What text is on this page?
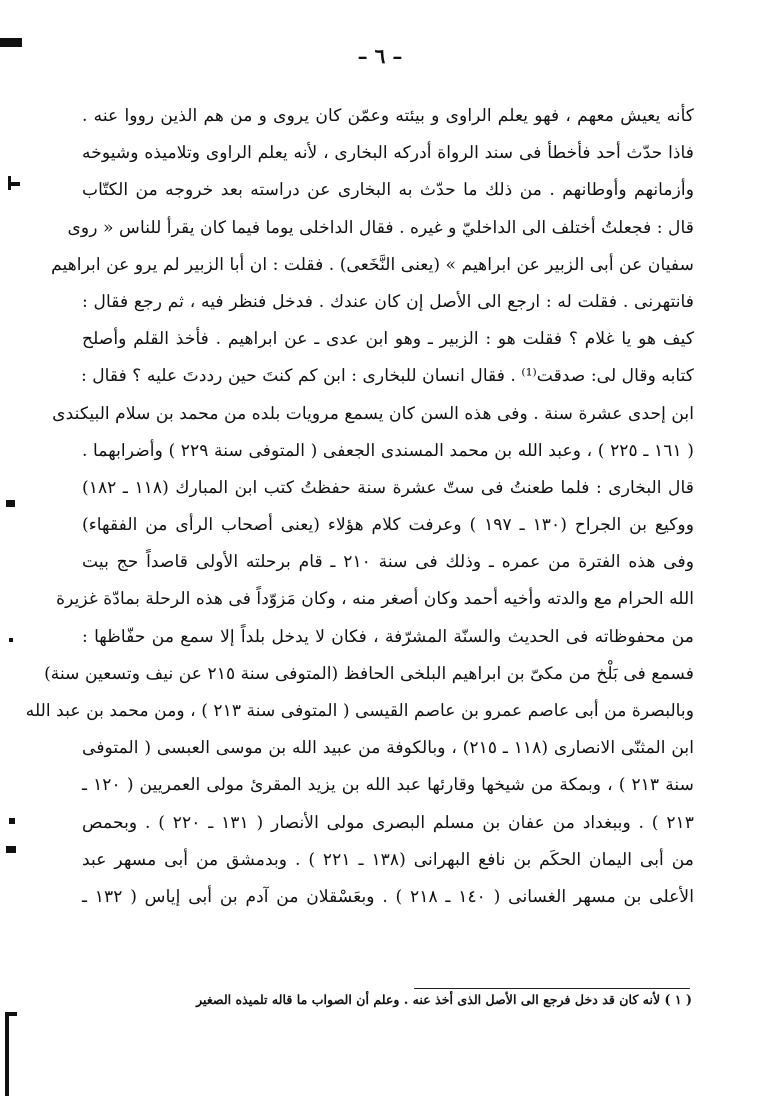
– ٦ –
كأنه يعيش معهم ، فهو يعلم الراوى و بيئته وعمّن كان يروى و من هم الذين رووا عنه .
فاذا حدّث أحد فأخطأ فى سند الرواة أدركه البخارى ، لأنه يعلم الراوى وتلاميذه وشيوخه
وأزمانهم وأوطانهم . من ذلك ما حدّث به البخارى عن دراسته بعد خروجه من الكتّاب
قال : فجعلتُ أختلف الى الداخليّ و غيره . فقال الداخلى يوما فيما كان يقرأ للناس « روى
سفيان عن أبى الزبير عن ابراهيم » (يعنى النَّخَعى) . فقلت : ان أبا الزبير لم يرو عن ابراهيم
فانتهرنى . فقلت له : ارجع الى الأصل إن كان عندك . فدخل فنظر فيه ، ثم رجع فقال :
كيف هو يا غلام ؟ فقلت هو : الزبير ـ وهو ابن عدى ـ عن ابراهيم . فأخذ القلم وأصلح
كتابه وقال لى: صدقت⁽¹⁾ . فقال انسان للبخارى : ابن كم كنتَ حين رددتَ عليه ؟ فقال :
ابن إحدى عشرة سنة . وفى هذه السن كان يسمع مرويات بلده من محمد بن سلام البيكندى
( ١٦١ ـ ٢٢٥ ) ، وعبد الله بن محمد المسندى الجعفى ( المتوفى سنة ٢٢٩ ) وأضرابهما .
قال البخارى : فلما طعنتُ فى ستّ عشرة سنة حفظتُ كتب ابن المبارك (١١٨ ـ ١٨٢)
ووكيع بن الجراح (١٣٠ ـ ١٩٧ ) وعرفت كلام هؤلاء (يعنى أصحاب الرأى من الفقهاء)
وفى هذه الفترة من عمره ـ وذلك فى سنة ٢١٠ ـ قام برحلته الأولى قاصداً حج بيت
الله الحرام مع والدته وأخيه أحمد وكان أصغر منه ، وكان مَزوّداً فى هذه الرحلة بمادّة غزيرة
من محفوظاته فى الحديث والسنّة المشرّفة ، فكان لا يدخل بلداً إلا سمع من حفّاظها :
فسمع فى بَلْخ من مكىّ بن ابراهيم البلخى الحافظ (المتوفى سنة ٢١٥ عن نيف وتسعين سنة)
وبالبصرة من أبى عاصم عمرو بن عاصم القيسى ( المتوفى سنة ٢١٣ ) ، ومن محمد بن عبد الله
ابن المثنّى الانصارى (١١٨ ـ ٢١٥) ، وبالكوفة من عبيد الله بن موسى العبسى ( المتوفى
سنة ٢١٣ ) ، وبمكة من شيخها وقارئها عبد الله بن يزيد المقرئ مولى العمريين ( ١٢٠ ـ
٢١٣ ) . وببغداد من عفان بن مسلم البصرى مولى الأنصار ( ١٣١ ـ ٢٢٠ ) . وبحمص
من أبى اليمان الحكَم بن نافع البهرانى (١٣٨ ـ ٢٢١ ) . وبدمشق من أبى مسهر عبد
الأعلى بن مسهر الغسانى ( ١٤٠ ـ ٢١٨ ) . وبعَسْقلان من آدم بن أبى إياس ( ١٣٢ ـ
( ١ ) لأنه كان قد دخل فرجع الى الأصل الذى أخذ عنه . وعلم أن الصواب ما قاله تلميذه الصغير
